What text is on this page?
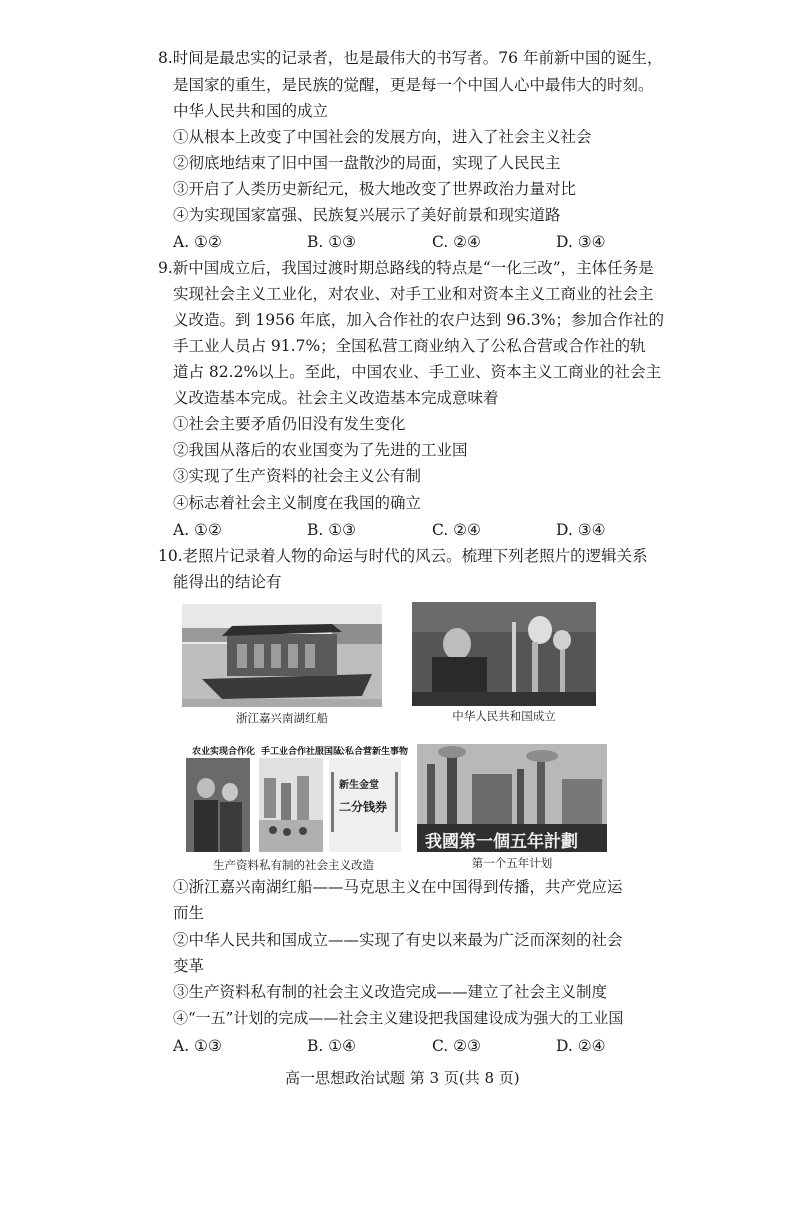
8.时间是最忠实的记录者，也是最伟大的书写者。76 年前新中国的诞生，
是国家的重生，是民族的觉醒，更是每一个中国人心中最伟大的时刻。
中华人民共和国的成立
①从根本上改变了中国社会的发展方向，进入了社会主义社会
②彻底地结束了旧中国一盘散沙的局面，实现了人民民主
③开启了人类历史新纪元，极大地改变了世界政治力量对比
④为实现国家富强、民族复兴展示了美好前景和现实道路
A. ①②	B. ①③	C. ②④	D. ③④
9.新中国成立后，我国过渡时期总路线的特点是“一化三改”，主体任务是
实现社会主义工业化，对农业、对手工业和对资本主义工商业的社会主
义改造。到 1956 年底，加入合作社的农户达到 96.3%；参加合作社的
手工业人员占 91.7%；全国私营工商业纳入了公私合营或合作社的轨
道占 82.2%以上。至此，中国农业、手工业、资本主义工商业的社会主
义改造基本完成。社会主义改造基本完成意味着
①社会主要矛盾仍旧没有发生变化
②我国从落后的农业国变为了先进的工业国
③实现了生产资料的社会主义公有制
④标志着社会主义制度在我国的确立
A. ①②	B. ①③	C. ②④	D. ③④
10.老照片记录着人物的命运与时代的风云。梳理下列老照片的逻辑关系
能得出的结论有
浙江嘉兴南湖红船	中华人民共和国成立
农业实现合作化 手工业合作社服国队
公私合营新生事物
新生金堂
二分钱券
生产资料私有制的社会主义改造
我國第一個五年計劃
第一个五年计划
①浙江嘉兴南湖红船——马克思主义在中国得到传播，共产党应运
而生
②中华人民共和国成立——实现了有史以来最为广泛而深刻的社会
变革
③生产资料私有制的社会主义改造完成——建立了社会主义制度
④“一五”计划的完成——社会主义建设把我国建设成为强大的工业国
A. ①③	B. ①④	C. ②③	D. ②④
高一思想政治试题 第 3 页(共 8 页)
